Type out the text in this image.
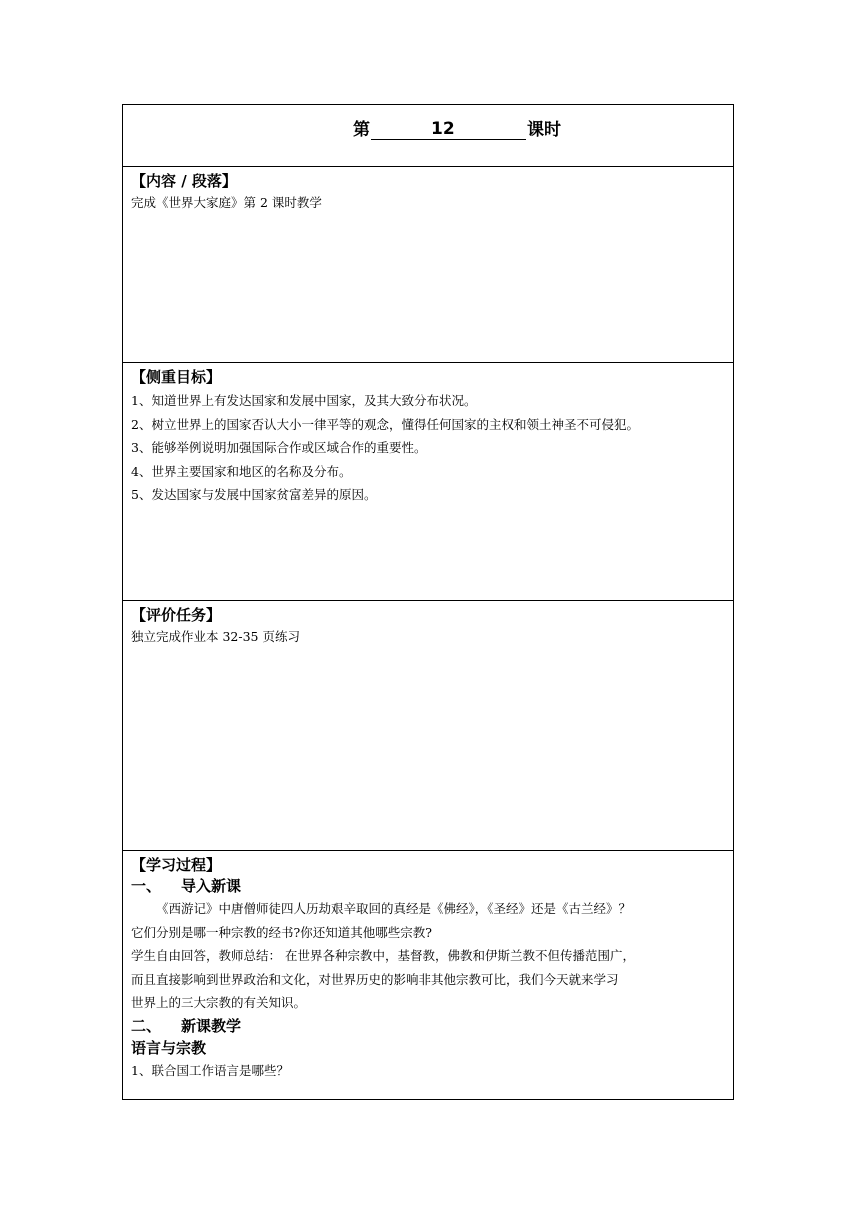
第	12	课时

【内容 / 段落】

完成《世界大家庭》第 2 课时教学

【侧重目标】

1、知道世界上有发达国家和发展中国家，及其大致分布状况。
2、树立世界上的国家否认大小一律平等的观念，懂得任何国家的主权和领土神圣不可侵犯。
3、能够举例说明加强国际合作或区域合作的重要性。
4、世界主要国家和地区的名称及分布。
5、发达国家与发展中国家贫富差异的原因。

【评价任务】

独立完成作业本 32-35 页练习

【学习过程】

一、 导入新课

《西游记》中唐僧师徒四人历劫艰辛取回的真经是《佛经》，《圣经》还是《古兰经》？

它们分别是哪一种宗教的经书?你还知道其他哪些宗教?

学生自由回答，教师总结： 在世界各种宗教中，基督教，佛教和伊斯兰教不但传播范围广，

而且直接影响到世界政治和文化，对世界历史的影响非其他宗教可比，我们今天就来学习

世界上的三大宗教的有关知识。

二、 新课教学

语言与宗教

1、联合国工作语言是哪些？
